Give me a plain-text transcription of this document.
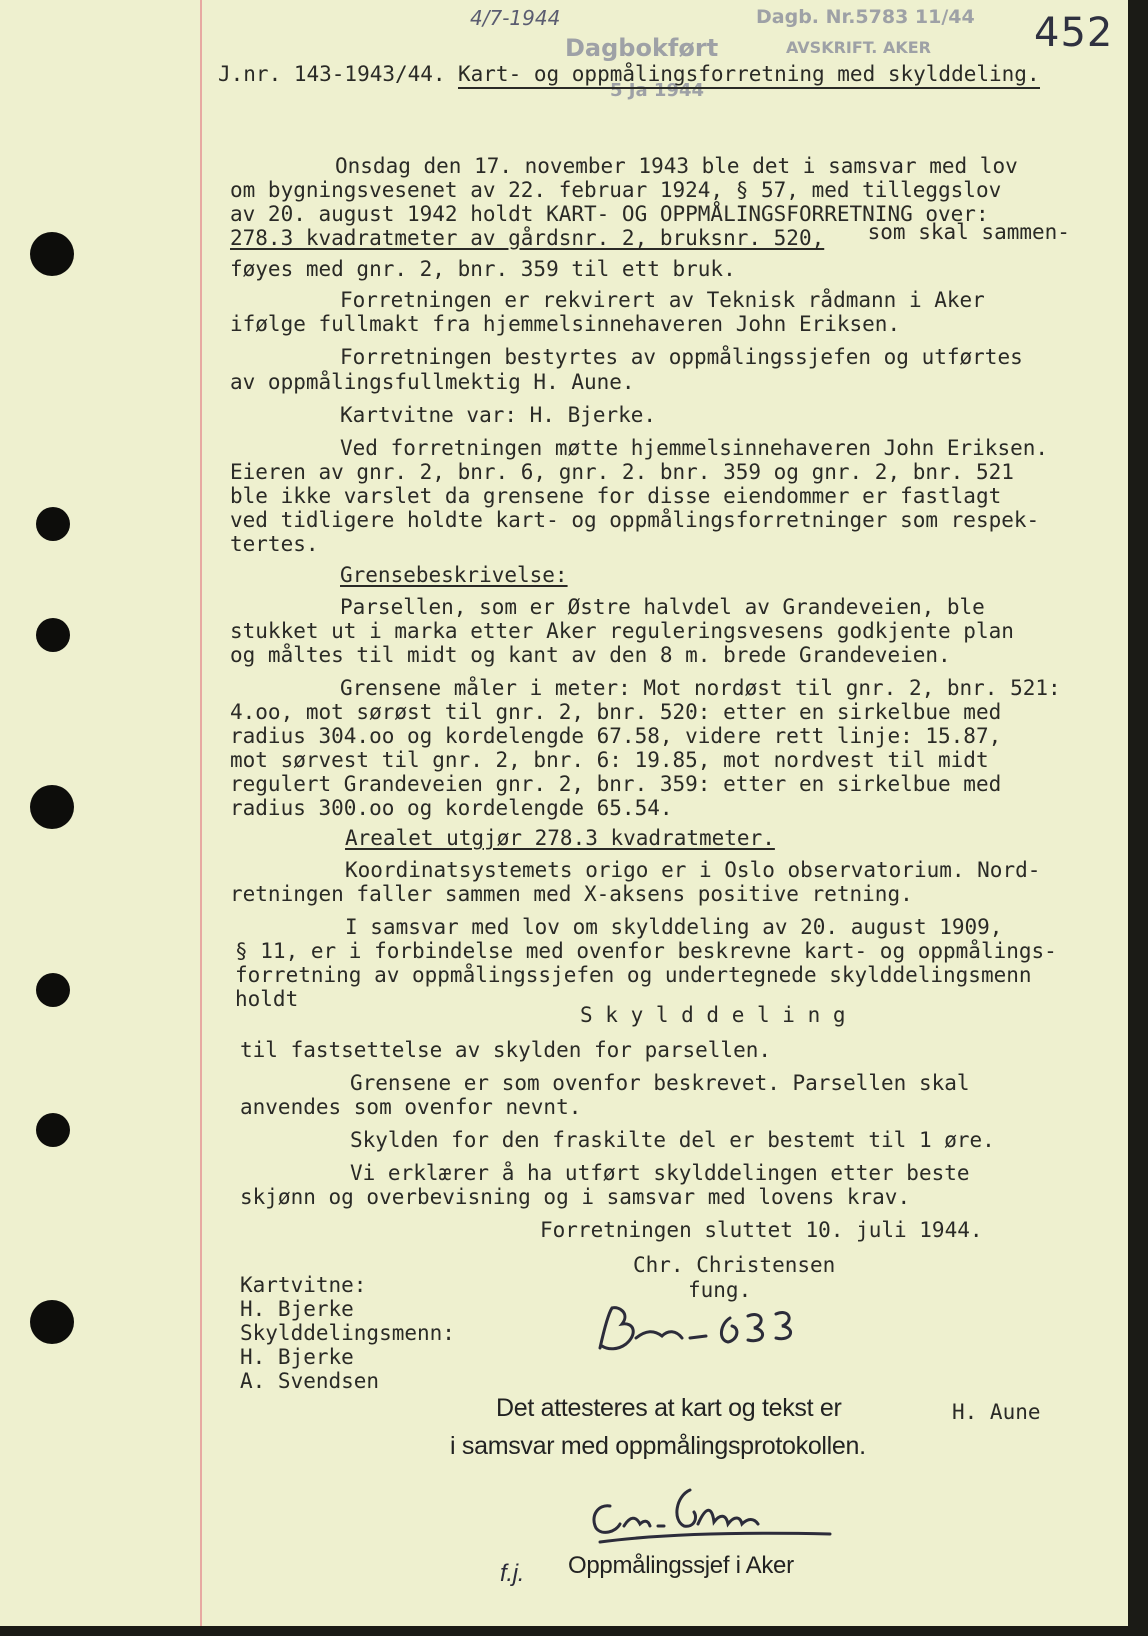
4/7-1944	Dagb. Nr.5783 11/44
Dagbokført	AVSKRIFT. AKER
5 Ja 1944
452
J.nr. 143-1943/44. Kart- og oppmålingsforretning med skylddeling.
Onsdag den 17. november 1943 ble det i samsvar med lov
om bygningsvesenet av 22. februar 1924, § 57, med tilleggslov
av 20. august 1942 holdt KART- OG OPPMÅLINGSFORRETNING over:
278.3 kvadratmeter av gårdsnr. 2, bruksnr. 520, som skal sammen-
føyes med gnr. 2, bnr. 359 til ett bruk.
Forretningen er rekvirert av Teknisk rådmann i Aker
ifølge fullmakt fra hjemmelsinnehaveren John Eriksen.
Forretningen bestyrtes av oppmålingssjefen og utførtes
av oppmålingsfullmektig H. Aune.
Kartvitne var: H. Bjerke.
Ved forretningen møtte hjemmelsinnehaveren John Eriksen.
Eieren av gnr. 2, bnr. 6, gnr. 2. bnr. 359 og gnr. 2, bnr. 521
ble ikke varslet da grensene for disse eiendommer er fastlagt
ved tidligere holdte kart- og oppmålingsforretninger som respek-
tertes.
Grensebeskrivelse:
Parsellen, som er Østre halvdel av Grandeveien, ble
stukket ut i marka etter Aker reguleringsvesens godkjente plan
og måltes til midt og kant av den 8 m. brede Grandeveien.
Grensene måler i meter: Mot nordøst til gnr. 2, bnr. 521:
4.oo, mot sørøst til gnr. 2, bnr. 520: etter en sirkelbue med
radius 304.oo og kordelengde 67.58, videre rett linje: 15.87,
mot sørvest til gnr. 2, bnr. 6: 19.85, mot nordvest til midt
regulert Grandeveien gnr. 2, bnr. 359: etter en sirkelbue med
radius 300.oo og kordelengde 65.54.
Arealet utgjør 278.3 kvadratmeter.
Koordinatsystemets origo er i Oslo observatorium. Nord-
retningen faller sammen med X-aksens positive retning.
I samsvar med lov om skylddeling av 20. august 1909,
§ 11, er i forbindelse med ovenfor beskrevne kart- og oppmålings-
forretning av oppmålingssjefen og undertegnede skylddelingsmenn
holdt
S k y l d d e l i n g
til fastsettelse av skylden for parsellen.
Grensene er som ovenfor beskrevet. Parsellen skal
anvendes som ovenfor nevnt.
Skylden for den fraskilte del er bestemt til 1 øre.
Vi erklærer å ha utført skylddelingen etter beste
skjønn og overbevisning og i samsvar med lovens krav.
Forretningen sluttet 10. juli 1944.
Chr. Christensen
fung.
Kartvitne:
H. Bjerke
Skylddelingsmenn:
H. Bjerke
A. Svendsen
H. Aune
Det attesteres at kart og tekst er
i samsvar med oppmålingsprotokollen.
f.j. Oppmålingssjef i Aker
